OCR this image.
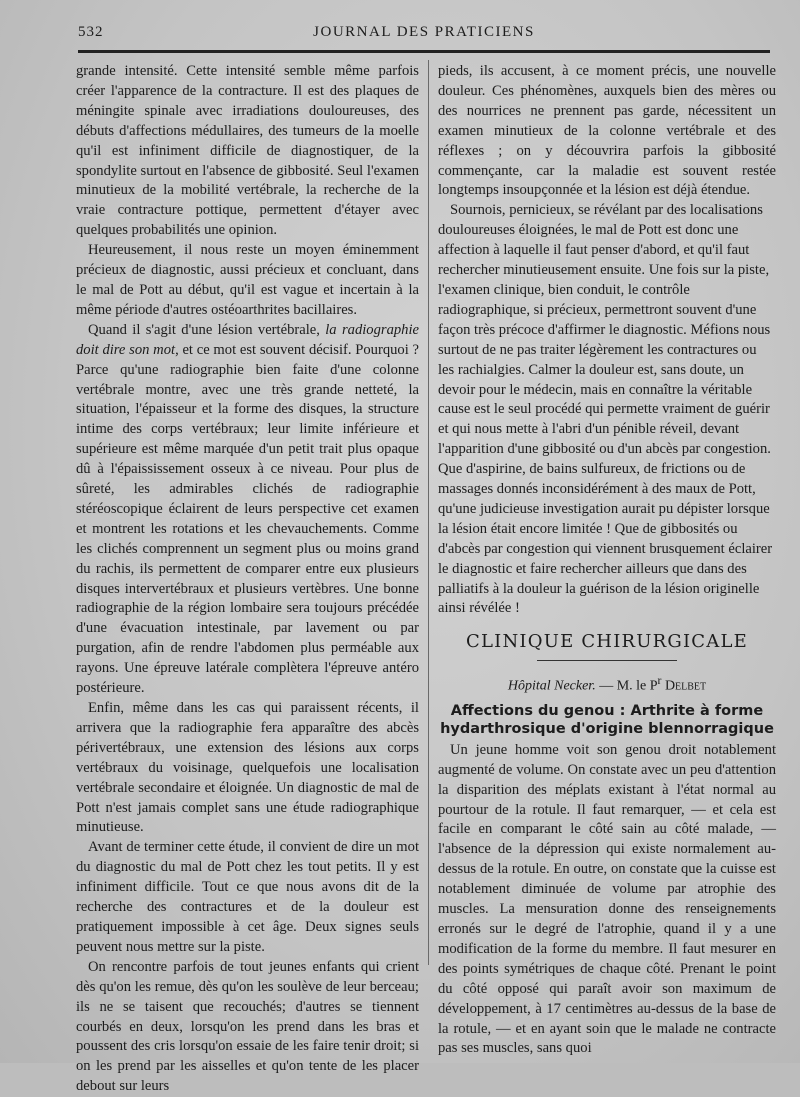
532	JOURNAL DES PRATICIENS

grande intensité. Cette intensité semble même parfois créer l'apparence de la contracture. Il est des plaques de méningite spinale avec irradiations douloureuses, des débuts d'affections médullaires, des tumeurs de la moelle qu'il est infiniment difficile de diagnostiquer, de la spondylite surtout en l'absence de gibbosité. Seul l'examen minutieux de la mobilité vertébrale, la recherche de la vraie contracture pottique, permettent d'étayer avec quelques probabilités une opinion.

Heureusement, il nous reste un moyen éminemment précieux de diagnostic, aussi précieux et concluant, dans le mal de Pott au début, qu'il est vague et incertain à la même période d'autres ostéoarthrites bacillaires.

Quand il s'agit d'une lésion vertébrale, la radiographie doit dire son mot, et ce mot est souvent décisif. Pourquoi ? Parce qu'une radiographie bien faite d'une colonne vertébrale montre, avec une très grande netteté, la situation, l'épaisseur et la forme des disques, la structure intime des corps vertébraux; leur limite inférieure et supérieure est même marquée d'un petit trait plus opaque dû à l'épaississement osseux à ce niveau. Pour plus de sûreté, les admirables clichés de radiographie stéréoscopique éclairent de leurs perspective cet examen et montrent les rotations et les chevauchements. Comme les clichés comprennent un segment plus ou moins grand du rachis, ils permettent de comparer entre eux plusieurs disques intervertébraux et plusieurs vertèbres. Une bonne radiographie de la région lombaire sera toujours précédée d'une évacuation intestinale, par lavement ou par purgation, afin de rendre l'abdomen plus perméable aux rayons. Une épreuve latérale complètera l'épreuve antéro postérieure.

Enfin, même dans les cas qui paraissent récents, il arrivera que la radiographie fera apparaître des abcès périvertébraux, une extension des lésions aux corps vertébraux du voisinage, quelquefois une localisation vertébrale secondaire et éloignée. Un diagnostic de mal de Pott n'est jamais complet sans une étude radiographique minutieuse.

Avant de terminer cette étude, il convient de dire un mot du diagnostic du mal de Pott chez les tout petits. Il y est infiniment difficile. Tout ce que nous avons dit de la recherche des contractures et de la douleur est pratiquement impossible à cet âge. Deux signes seuls peuvent nous mettre sur la piste.

On rencontre parfois de tout jeunes enfants qui crient dès qu'on les remue, dès qu'on les soulève de leur berceau; ils ne se taisent que recouchés; d'autres se tiennent courbés en deux, lorsqu'on les prend dans les bras et poussent des cris lorsqu'on essaie de les faire tenir droit; si on les prend par les aisselles et qu'on tente de les placer debout sur leurs

pieds, ils accusent, à ce moment précis, une nouvelle douleur. Ces phénomènes, auxquels bien des mères ou des nourrices ne prennent pas garde, nécessitent un examen minutieux de la colonne vertébrale et des réflexes ; on y découvrira parfois la gibbosité commençante, car la maladie est souvent restée longtemps insoupçonnée et la lésion est déjà étendue.

Sournois, pernicieux, se révélant par des localisations douloureuses éloignées, le mal de Pott est donc une affection à laquelle il faut penser d'abord, et qu'il faut rechercher minutieusement ensuite. Une fois sur la piste, l'examen clinique, bien conduit, le contrôle radiographique, si précieux, permettront souvent d'une façon très précoce d'affirmer le diagnostic. Méfions nous surtout de ne pas traiter légèrement les contractures ou les rachialgies. Calmer la douleur est, sans doute, un devoir pour le médecin, mais en connaître la véritable cause est le seul procédé qui permette vraiment de guérir et qui nous mette à l'abri d'un pénible réveil, devant l'apparition d'une gibbosité ou d'un abcès par congestion. Que d'aspirine, de bains sulfureux, de frictions ou de massages donnés inconsidérément à des maux de Pott, qu'une judicieuse investigation aurait pu dépister lorsque la lésion était encore limitée ! Que de gibbosités ou d'abcès par congestion qui viennent brusquement éclairer le diagnostic et faire rechercher ailleurs que dans des palliatifs à la douleur la guérison de la lésion originelle ainsi révélée !

CLINIQUE CHIRURGICALE
Hôpital Necker. — M. le $P^r$ Delbet
Affections du genou : Arthrite à forme
hydarthrosique d'origine blennorragique

Un jeune homme voit son genou droit notablement augmenté de volume. On constate avec un peu d'attention la disparition des méplats existant à l'état normal au pourtour de la rotule. Il faut remarquer, — et cela est facile en comparant le côté sain au côté malade, — l'absence de la dépression qui existe normalement au-dessus de la rotule. En outre, on constate que la cuisse est notablement diminuée de volume par atrophie des muscles. La mensuration donne des renseignements erronés sur le degré de l'atrophie, quand il y a une modification de la forme du membre. Il faut mesurer en des points symétriques de chaque côté. Prenant le point du côté opposé qui paraît avoir son maximum de développement, à 17 centimètres au-dessus de la base de la rotule, — et en ayant soin que le malade ne contracte pas ses muscles, sans quoi
